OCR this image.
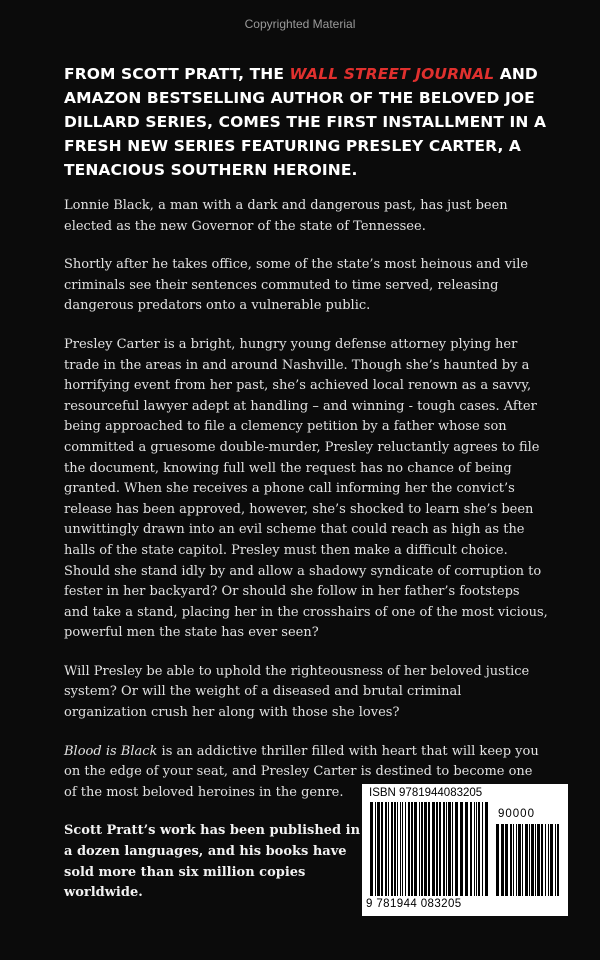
Copyrighted Material

FROM SCOTT PRATT, THE WALL STREET JOURNAL AND AMAZON BESTSELLING AUTHOR OF THE BELOVED JOE DILLARD SERIES, COMES THE FIRST INSTALLMENT IN A FRESH NEW SERIES FEATURING PRESLEY CARTER, A TENACIOUS SOUTHERN HEROINE.

Lonnie Black, a man with a dark and dangerous past, has just been elected as the new Governor of the state of Tennessee.

Shortly after he takes office, some of the state’s most heinous and vile criminals see their sentences commuted to time served, releasing dangerous predators onto a vulnerable public.

Presley Carter is a bright, hungry young defense attorney plying her trade in the areas in and around Nashville. Though she’s haunted by a horrifying event from her past, she’s achieved local renown as a savvy, resourceful lawyer adept at handling – and winning - tough cases. After being approached to file a clemency petition by a father whose son committed a gruesome double-murder, Presley reluctantly agrees to file the document, knowing full well the request has no chance of being granted. When she receives a phone call informing her the convict’s release has been approved, however, she’s shocked to learn she’s been unwittingly drawn into an evil scheme that could reach as high as the halls of the state capitol. Presley must then make a difficult choice. Should she stand idly by and allow a shadowy syndicate of corruption to fester in her backyard? Or should she follow in her father’s footsteps and take a stand, placing her in the crosshairs of one of the most vicious, powerful men the state has ever seen?

Will Presley be able to uphold the righteousness of her beloved justice system? Or will the weight of a diseased and brutal criminal organization crush her along with those she loves?

Blood is Black is an addictive thriller filled with heart that will keep you on the edge of your seat, and Presley Carter is destined to become one of the most beloved heroines in the genre.

Scott Pratt’s work has been published in a dozen languages, and his books have sold more than six million copies worldwide.

ISBN 9781944083205
90000
9 781944 083205
